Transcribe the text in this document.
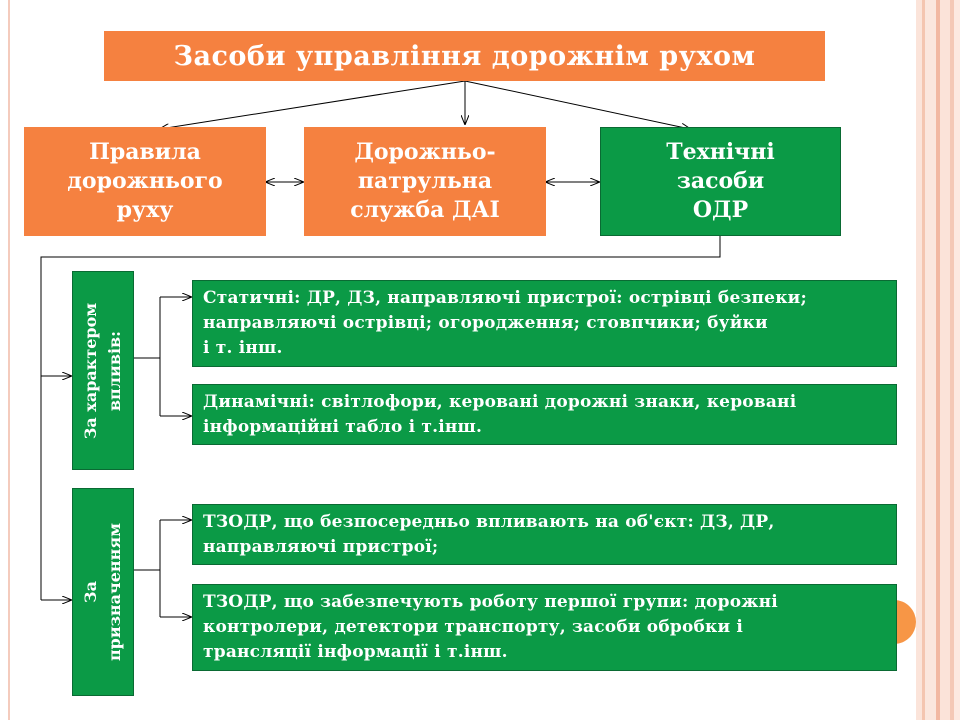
Засоби управління дорожнім рухом
Правила
дорожнього
руху
Дорожньо-
патрульна
служба ДАІ
Технічні
засоби
ОДР
За характером впливів:
За призначенням
Статичні: ДР, ДЗ, направляючі пристрої: острівці безпеки;
направляючі острівці; огородження; стовпчики; буйки
і т. інш.
Динамічні: світлофори, керовані дорожні знаки, керовані
інформаційні табло і т.інш.
ТЗОДР, що безпосередньо впливають на об'єкт: ДЗ, ДР,
направляючі пристрої;
ТЗОДР, що забезпечують роботу першої групи: дорожні
контролери, детектори транспорту, засоби обробки і
трансляції інформації і т.інш.
